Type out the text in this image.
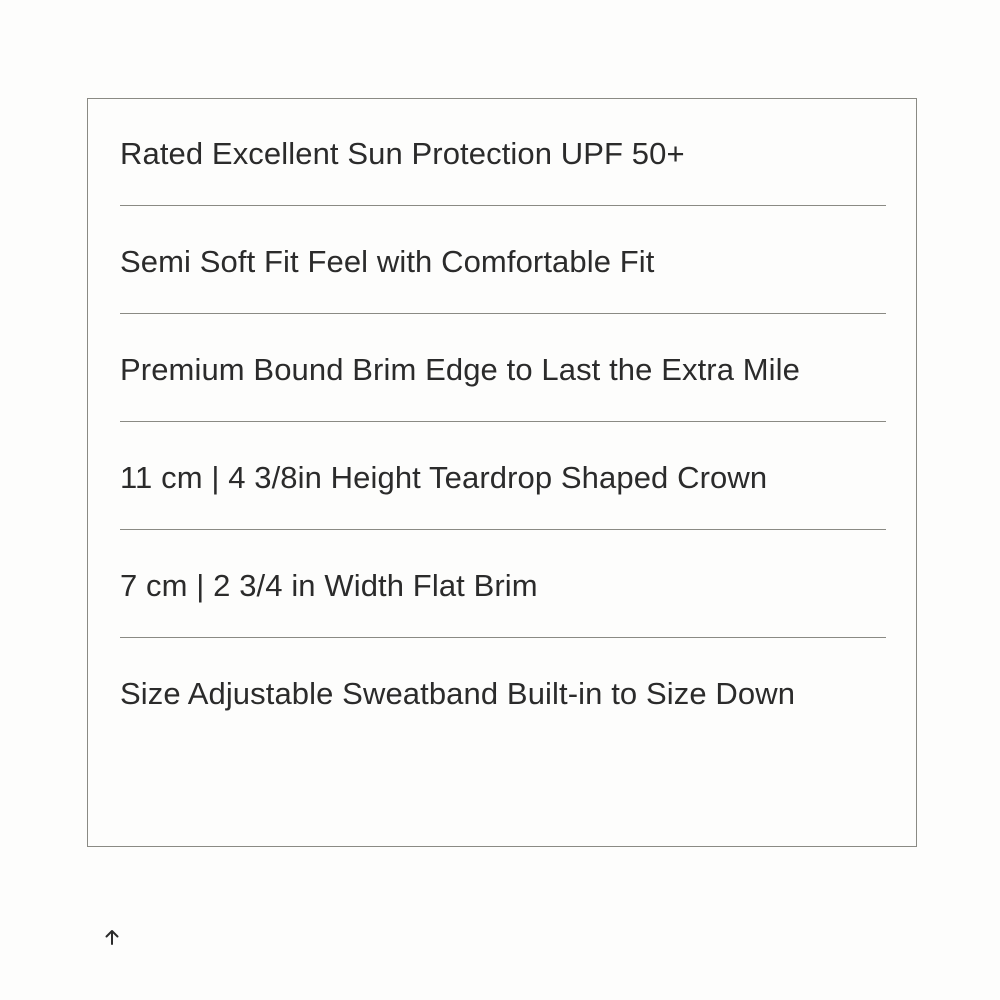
Rated Excellent Sun Protection UPF 50+
Semi Soft Fit Feel with Comfortable Fit
Premium Bound Brim Edge to Last the Extra Mile
11 cm | 4 3/8in Height Teardrop Shaped Crown
7 cm | 2 3/4 in Width Flat Brim
Size Adjustable Sweatband Built-in to Size Down
